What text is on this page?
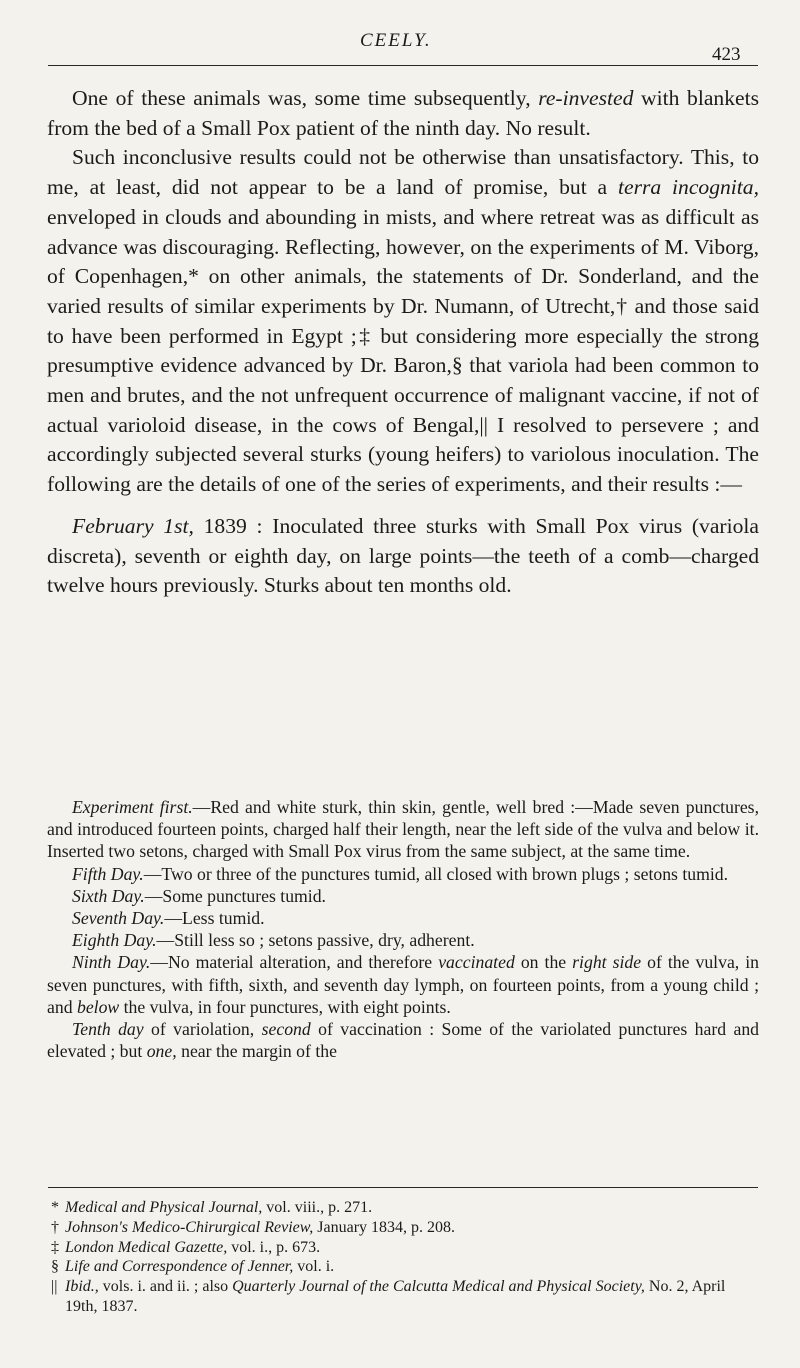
CEELY.
423

One of these animals was, some time subsequently, re-invested with blankets from the bed of a Small Pox patient of the ninth day. No result.

Such inconclusive results could not be otherwise than unsatisfactory. This, to me, at least, did not appear to be a land of promise, but a terra incognita, enveloped in clouds and abounding in mists, and where retreat was as difficult as advance was discouraging. Reflecting, however, on the experiments of M. Viborg, of Copenhagen,* on other animals, the statements of Dr. Sonderland, and the varied results of similar experiments by Dr. Numann, of Utrecht,† and those said to have been performed in Egypt ;‡ but considering more especially the strong presumptive evidence advanced by Dr. Baron,§ that variola had been common to men and brutes, and the not unfrequent occurrence of malignant vaccine, if not of actual varioloid disease, in the cows of Bengal,|| I resolved to persevere ; and accordingly subjected several sturks (young heifers) to variolous inoculation. The following are the details of one of the series of experiments, and their results :—

February 1st, 1839 : Inoculated three sturks with Small Pox virus (variola discreta), seventh or eighth day, on large points—the teeth of a comb—charged twelve hours previously. Sturks about ten months old.

Experiment first.—Red and white sturk, thin skin, gentle, well bred :—Made seven punctures, and introduced fourteen points, charged half their length, near the left side of the vulva and below it. Inserted two setons, charged with Small Pox virus from the same subject, at the same time.

Fifth Day.—Two or three of the punctures tumid, all closed with brown plugs ; setons tumid.

Sixth Day.—Some punctures tumid.

Seventh Day.—Less tumid.

Eighth Day.—Still less so ; setons passive, dry, adherent.

Ninth Day.—No material alteration, and therefore vaccinated on the right side of the vulva, in seven punctures, with fifth, sixth, and seventh day lymph, on fourteen points, from a young child ; and below the vulva, in four punctures, with eight points.

Tenth day of variolation, second of vaccination : Some of the variolated punctures hard and elevated ; but one, near the margin of the

* Medical and Physical Journal, vol. viii., p. 271.

† Johnson's Medico-Chirurgical Review, January 1834, p. 208.

‡ London Medical Gazette, vol. i., p. 673.

§ Life and Correspondence of Jenner, vol. i.

|| Ibid., vols. i. and ii. ; also Quarterly Journal of the Calcutta Medical and Physical Society, No. 2, April 19th, 1837.
